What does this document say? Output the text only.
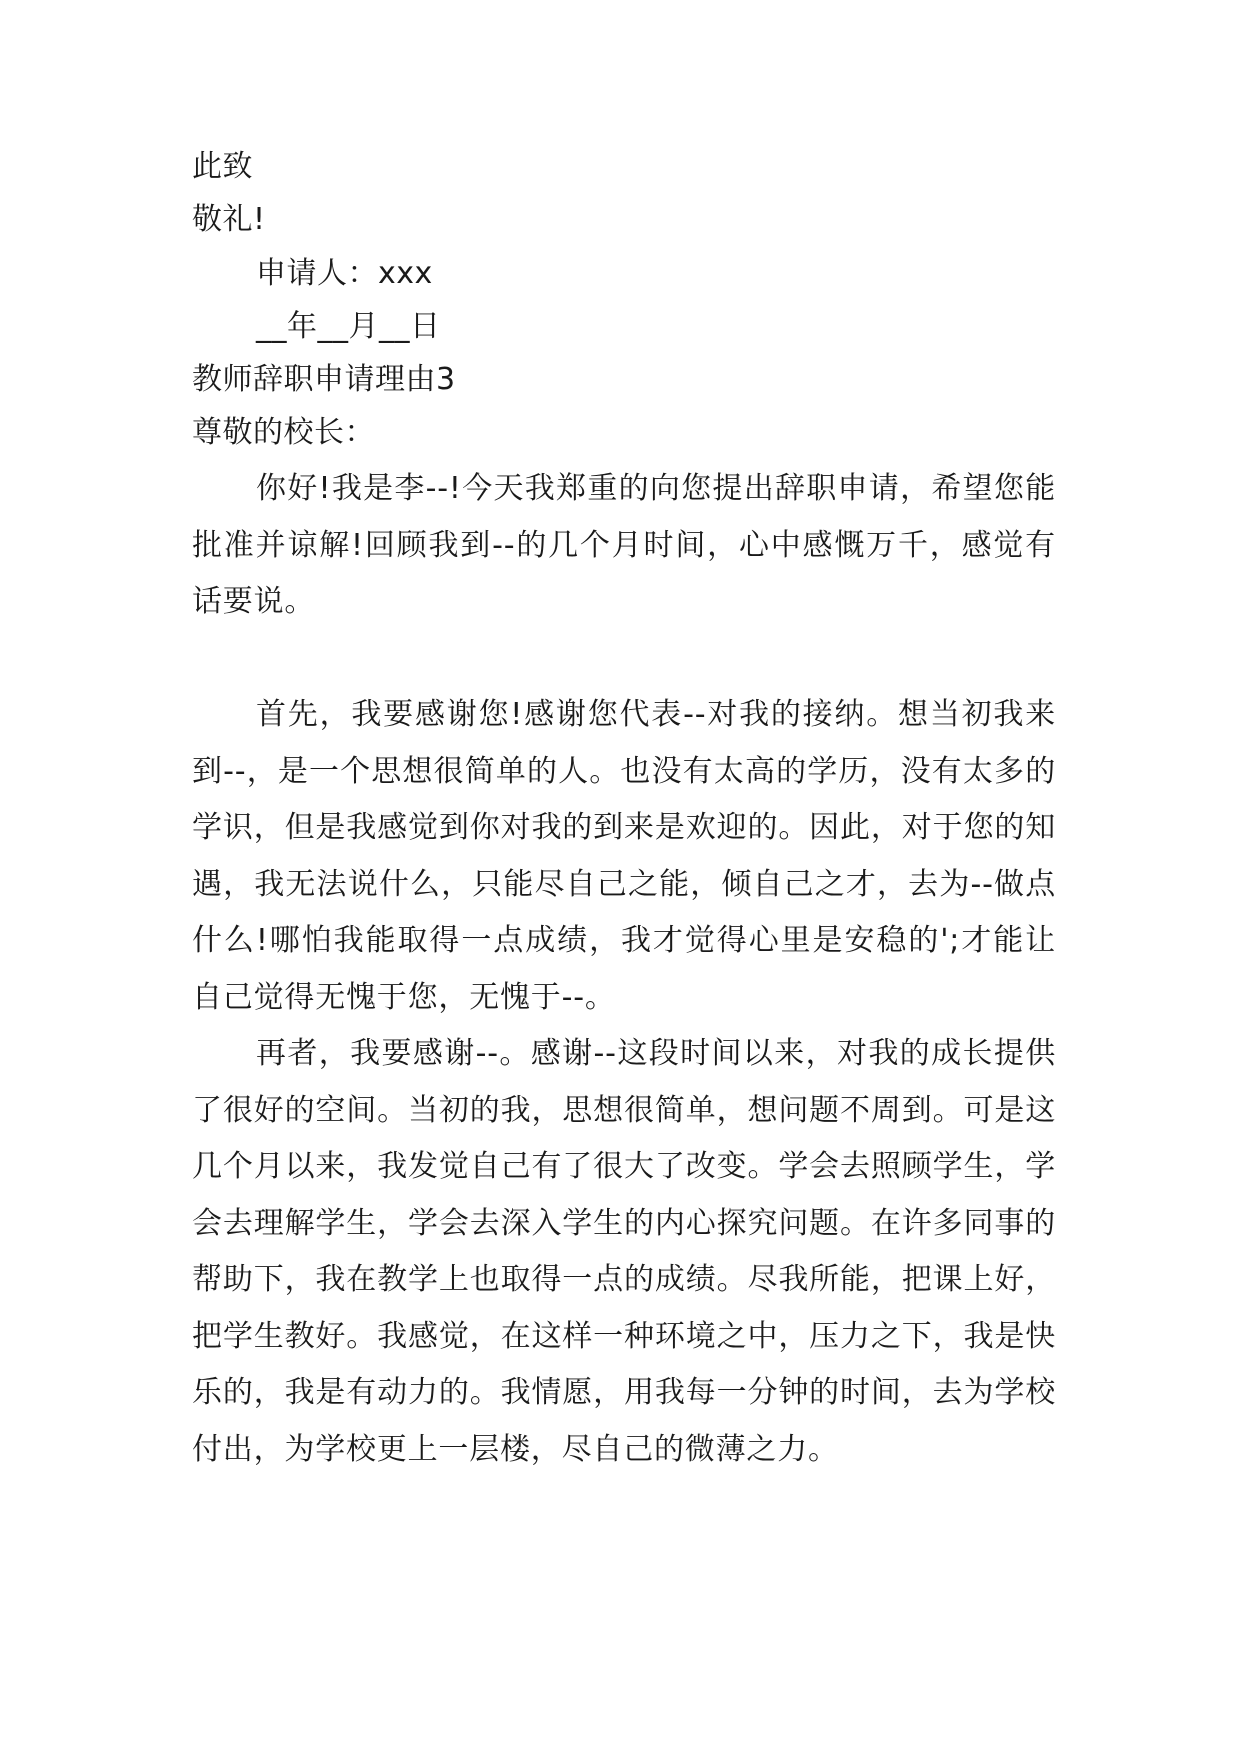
此致
敬礼!
申请人：xxx
__年__月__日
教师辞职申请理由3
尊敬的校长：

你好!我是李--!今天我郑重的向您提出辞职申请，希望您能批准并谅解!回顾我到--的几个月时间，心中感慨万千，感觉有话要说。

首先，我要感谢您!感谢您代表--对我的接纳。想当初我来到--，是一个思想很简单的人。也没有太高的学历，没有太多的学识，但是我感觉到你对我的到来是欢迎的。因此，对于您的知遇，我无法说什么，只能尽自己之能，倾自己之才，去为--做点什么!哪怕我能取得一点成绩，我才觉得心里是安稳的';才能让自己觉得无愧于您，无愧于--。

再者，我要感谢--。感谢--这段时间以来，对我的成长提供了很好的空间。当初的我，思想很简单，想问题不周到。可是这几个月以来，我发觉自己有了很大了改变。学会去照顾学生，学会去理解学生，学会去深入学生的内心探究问题。在许多同事的帮助下，我在教学上也取得一点的成绩。尽我所能，把课上好，把学生教好。我感觉，在这样一种环境之中，压力之下，我是快乐的，我是有动力的。我情愿，用我每一分钟的时间，去为学校付出，为学校更上一层楼，尽自己的微薄之力。
